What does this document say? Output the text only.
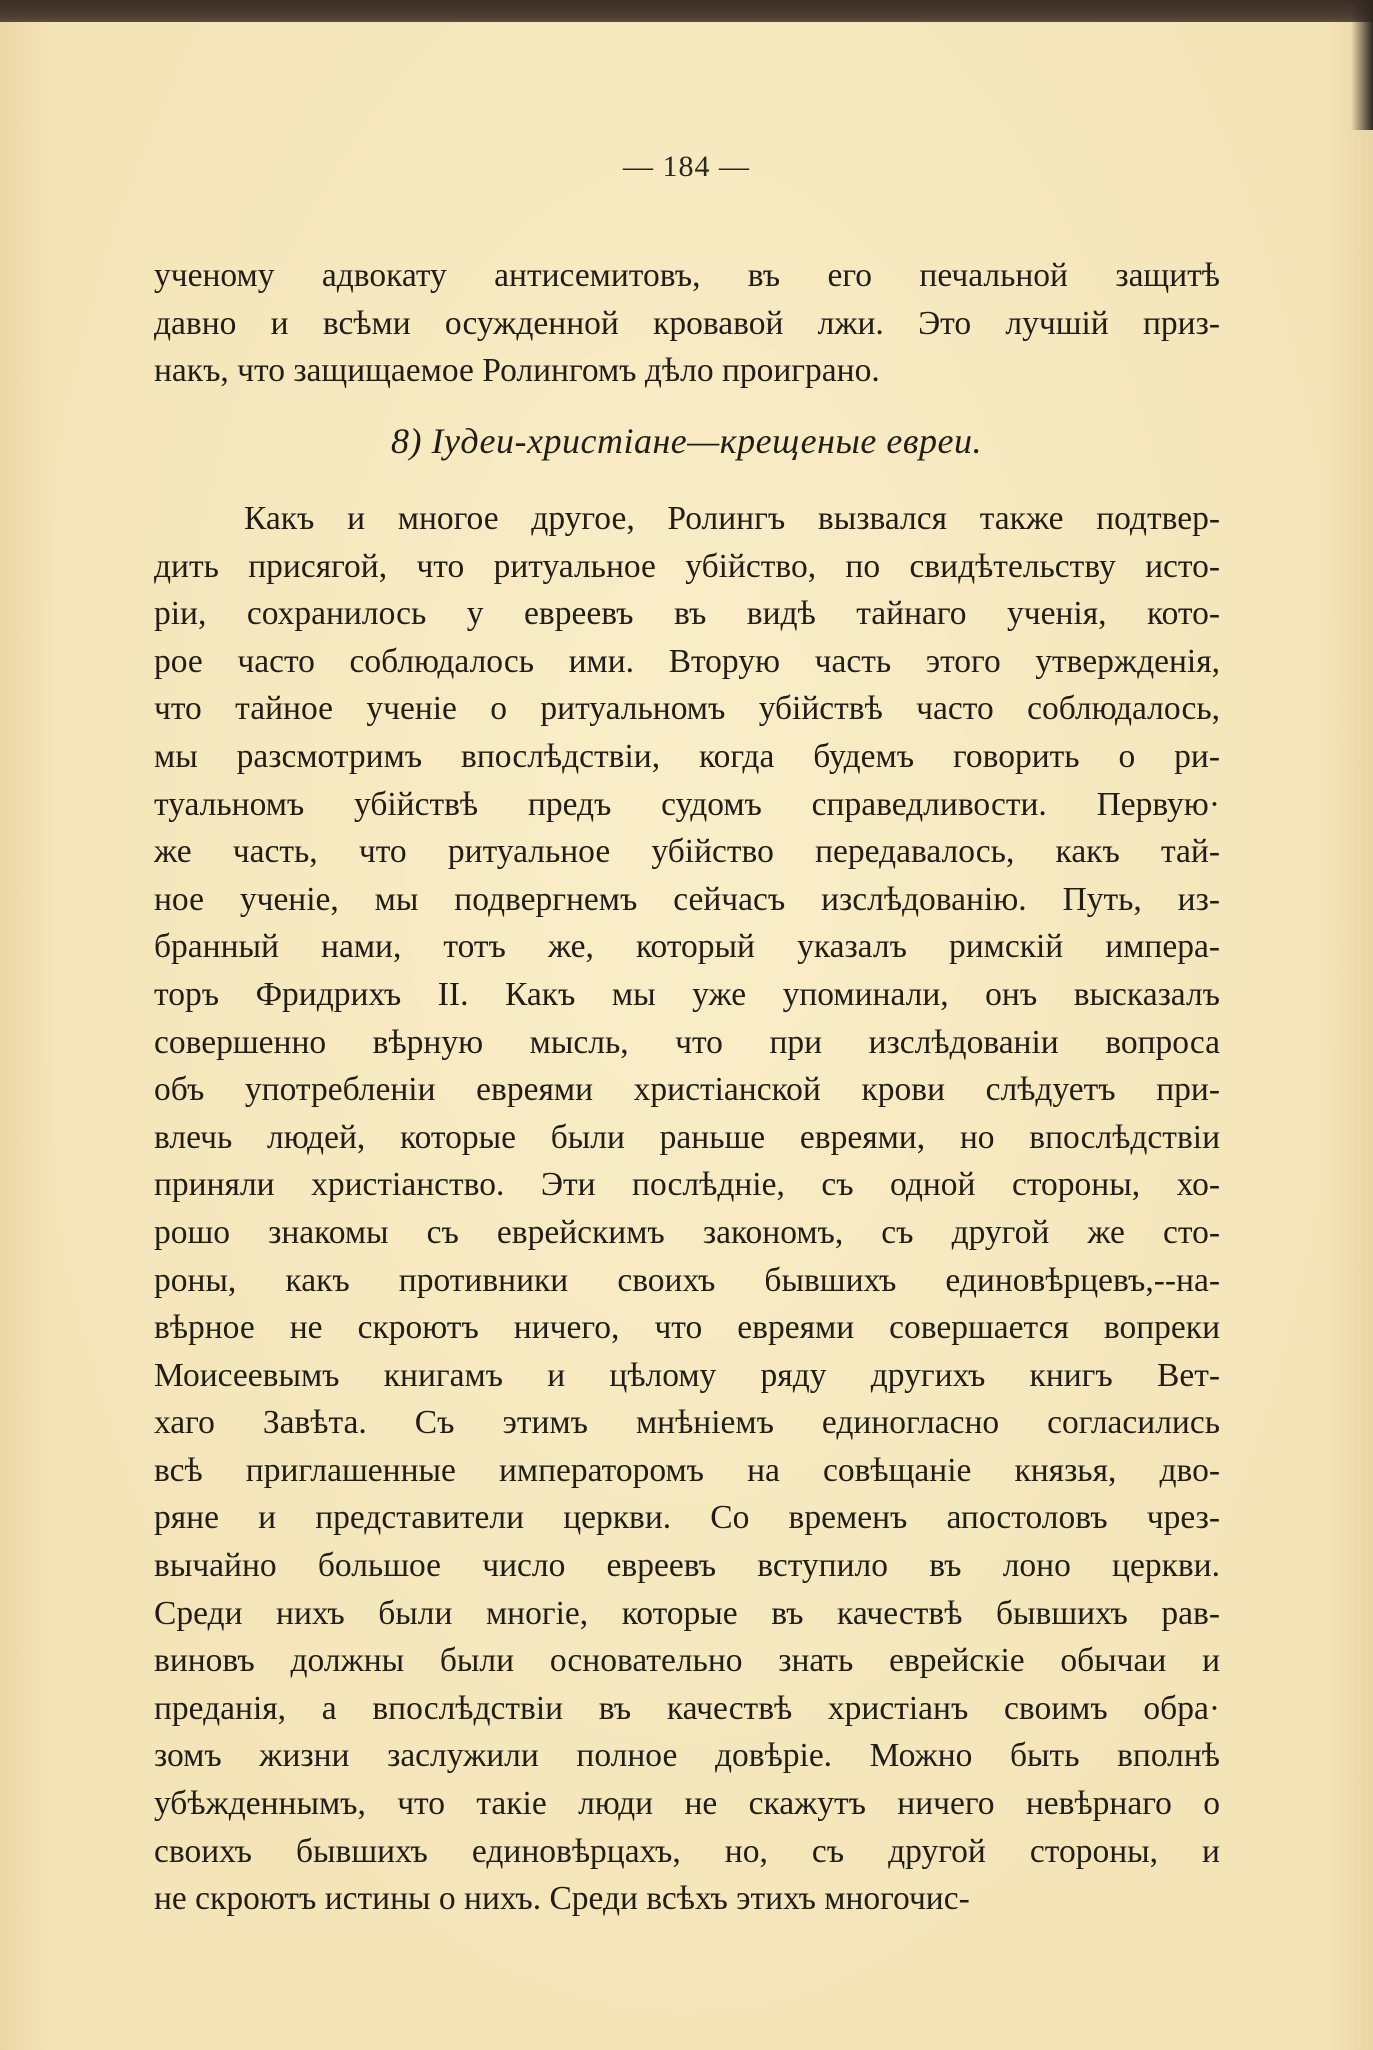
— 184 —
ученому адвокату антисемитовъ, въ его печальной защитѣ
давно и всѣми осужденной кровавой лжи. Это лучшій приз-
накъ, что защищаемое Ролингомъ дѣло проиграно.
8) Іудеи-христіане—крещеные евреи.
Какъ и многое другое, Ролингъ вызвался также подтвер-
дить присягой, что ритуальное убійство, по свидѣтельству исто-
ріи, сохранилось у евреевъ въ видѣ тайнаго ученія, кото-
рое часто соблюдалось ими. Вторую часть этого утвержденія,
что тайное ученіе о ритуальномъ убійствѣ часто соблюдалось,
мы разсмотримъ впослѣдствіи, когда будемъ говорить о ри-
туальномъ убійствѣ предъ судомъ справедливости. Первую·
же часть, что ритуальное убійство передавалось, какъ тай-
ное ученіе, мы подвергнемъ сейчасъ изслѣдованію. Путь, из-
бранный нами, тотъ же, который указалъ римскій импера-
торъ Фридрихъ II. Какъ мы уже упоминали, онъ высказалъ
совершенно вѣрную мысль, что при изслѣдованіи вопроса
объ употребленіи евреями христіанской крови слѣдуетъ при-
влечь людей, которые были раньше евреями, но впослѣдствіи
приняли христіанство. Эти послѣдніе, съ одной стороны, хо-
рошо знакомы съ еврейскимъ закономъ, съ другой же сто-
роны, какъ противники своихъ бывшихъ единовѣрцевъ,--на-
вѣрное не скроютъ ничего, что евреями совершается вопреки
Моисеевымъ книгамъ и цѣлому ряду другихъ книгъ Вет-
хаго Завѣта. Съ этимъ мнѣніемъ единогласно согласились
всѣ приглашенные императоромъ на совѣщаніе князья, дво-
ряне и представители церкви. Со временъ апостоловъ чрез-
вычайно большое число евреевъ вступило въ лоно церкви.
Среди нихъ были многіе, которые въ качествѣ бывшихъ рав-
виновъ должны были основательно знать еврейскіе обычаи и
преданія, а впослѣдствіи въ качествѣ христіанъ своимъ обра·
зомъ жизни заслужили полное довѣріе. Можно быть вполнѣ
убѣжденнымъ, что такіе люди не скажутъ ничего невѣрнаго о
своихъ бывшихъ единовѣрцахъ, но, съ другой стороны, и
не скроютъ истины о нихъ. Среди всѣхъ этихъ многочис-
